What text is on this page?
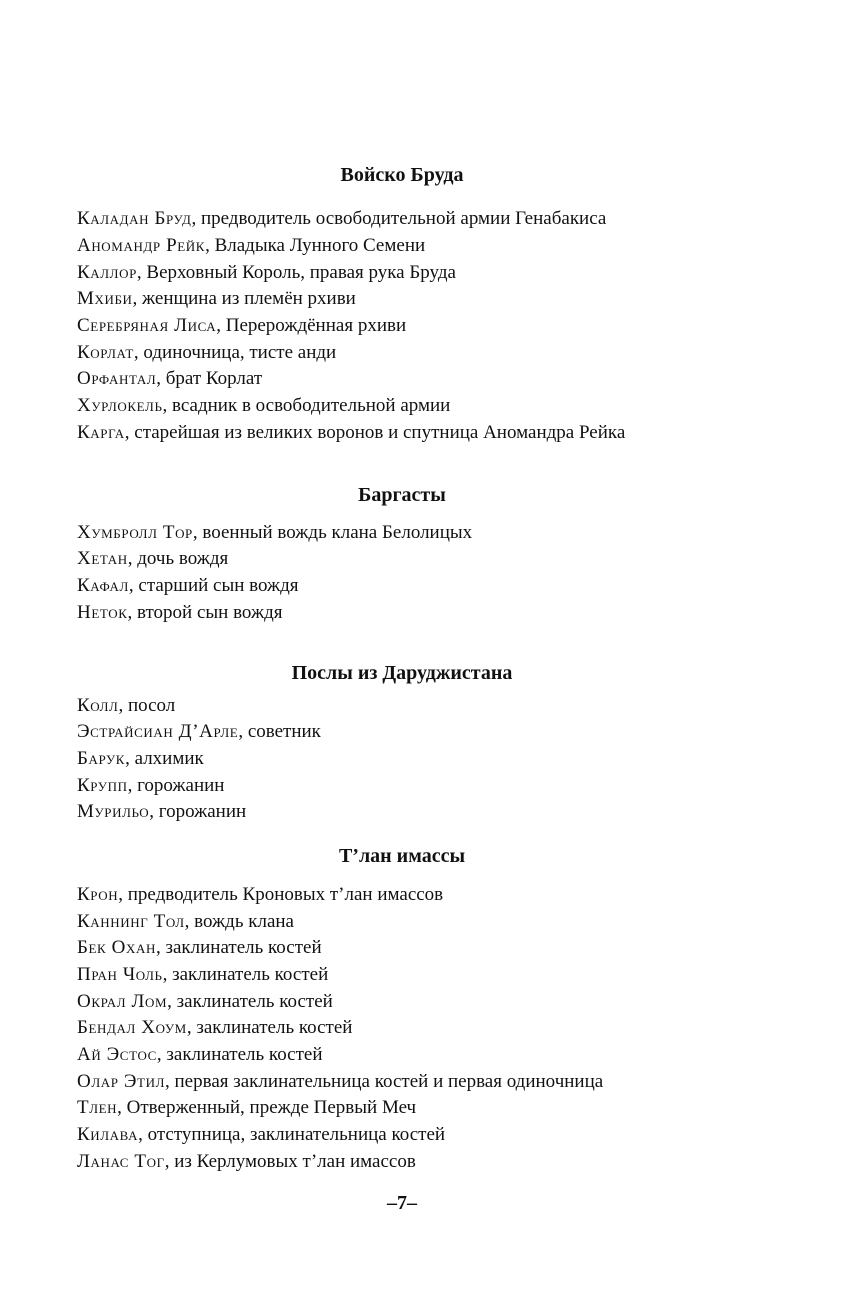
Войско Бруда
Каладан Бруд, предводитель освободительной армии Генабакиса
Аномандр Рейк, Владыка Лунного Семени
Каллор, Верховный Король, правая рука Бруда
Мхиби, женщина из племён рхиви
Серебряная Лиса, Перерождённая рхиви
Корлат, одиночница, тисте анди
Орфантал, брат Корлат
Хурлокель, всадник в освободительной армии
Карга, старейшая из великих воронов и спутница Аномандра Рейка
Баргасты
Хумбролл Тор, военный вождь клана Белолицых
Хетан, дочь вождя
Кафал, старший сын вождя
Неток, второй сын вождя
Послы из Даруджистана
Колл, посол
Эстрайсиан Д’Арле, советник
Барук, алхимик
Крупп, горожанин
Мурильо, горожанин
Т’лан имассы
Крон, предводитель Кроновых т’лан имассов
Каннинг Тол, вождь клана
Бек Охан, заклинатель костей
Пран Чоль, заклинатель костей
Окрал Лом, заклинатель костей
Бендал Хоум, заклинатель костей
Ай Эстос, заклинатель костей
Олар Этил, первая заклинательница костей и первая одиночница
Тлен, Отверженный, прежде Первый Меч
Килава, отступница, заклинательница костей
Ланас Тог, из Керлумовых т’лан имассов
–7–
